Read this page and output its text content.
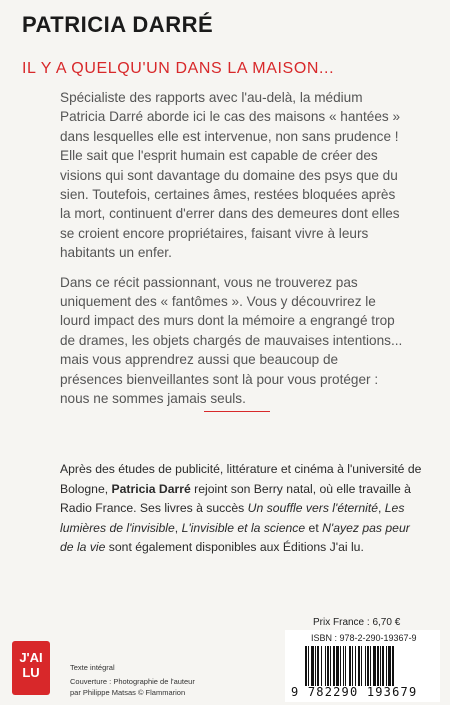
PATRICIA DARRÉ
IL Y A QUELQU'UN DANS LA MAISON...

Spécialiste des rapports avec l'au-delà, la médium Patricia Darré aborde ici le cas des maisons « hantées » dans lesquelles elle est intervenue, non sans prudence ! Elle sait que l'esprit humain est capable de créer des visions qui sont davantage du domaine des psys que du sien. Toutefois, certaines âmes, restées bloquées après la mort, continuent d'errer dans des demeures dont elles se croient encore propriétaires, faisant vivre à leurs habitants un enfer.

Dans ce récit passionnant, vous ne trouverez pas uniquement des « fantômes ». Vous y découvrirez le lourd impact des murs dont la mémoire a engrangé trop de drames, les objets chargés de mauvaises intentions... mais vous apprendrez aussi que beaucoup de présences bienveillantes sont là pour vous protéger : nous ne sommes jamais seuls.

Après des études de publicité, littérature et cinéma à l'université de Bologne, Patricia Darré rejoint son Berry natal, où elle travaille à Radio France. Ses livres à succès Un souffle vers l'éternité, Les lumières de l'invisible, L'invisible et la science et N'ayez pas peur de la vie sont également disponibles aux Éditions J'ai lu.
J'AI
LU	Texte intégral
Couverture : Photographie de l'auteur
par Philippe Matsas © Flammarion
Prix France : 6,70 €
ISBN : 978-2-290-19367-9
9 782290 193679
